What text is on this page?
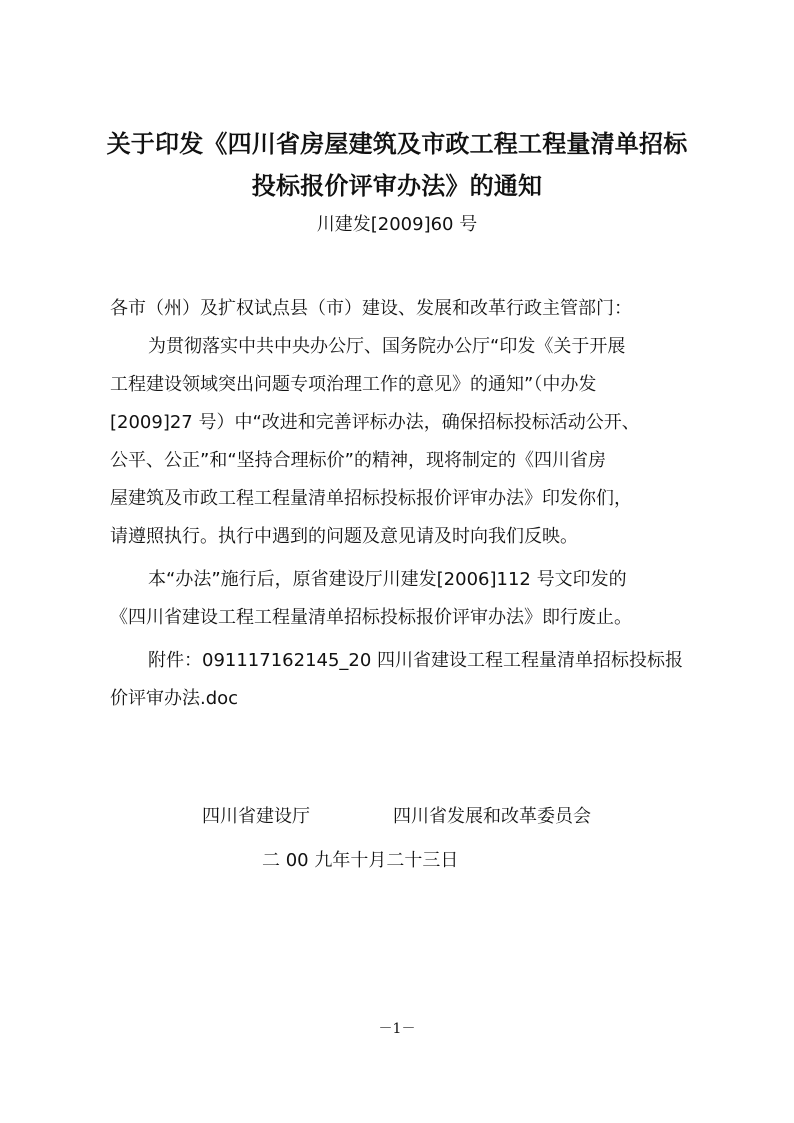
关于印发《四川省房屋建筑及市政工程工程量清单招标
投标报价评审办法》的通知

川建发[2009]60 号

各市（州）及扩权试点县（市）建设、发展和改革行政主管部门：

为贯彻落实中共中央办公厅、国务院办公厅“印发《关于开展

工程建设领域突出问题专项治理工作的意见》的通知”（中办发

[2009]27 号）中“改进和完善评标办法，确保招标投标活动公开、

公平、公正”和“坚持合理标价”的精神，现将制定的《四川省房

屋建筑及市政工程工程量清单招标投标报价评审办法》印发你们，

请遵照执行。执行中遇到的问题及意见请及时向我们反映。

本“办法”施行后，原省建设厅川建发[2006]112 号文印发的

《四川省建设工程工程量清单招标投标报价评审办法》即行废止。

附件：091117162145_20 四川省建设工程工程量清单招标投标报

价评审办法.doc

四川省建设厅	四川省发展和改革委员会

二 00 九年十月二十三日

－1－
